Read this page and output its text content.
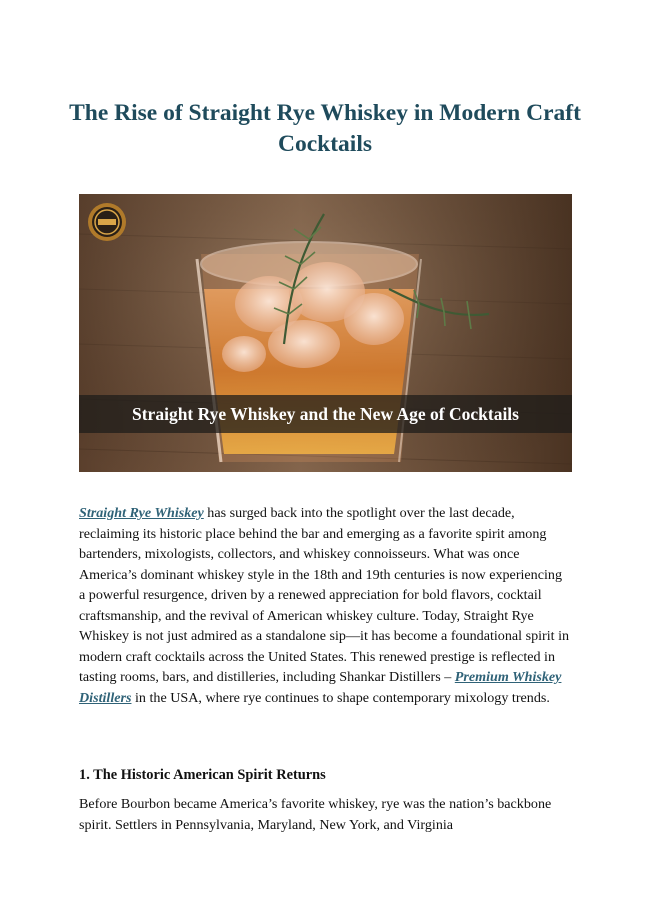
The Rise of Straight Rye Whiskey in Modern Craft Cocktails
Straight Rye Whiskey and the New Age of Cocktails

Straight Rye Whiskey has surged back into the spotlight over the last decade, reclaiming its historic place behind the bar and emerging as a favorite spirit among bartenders, mixologists, collectors, and whiskey connoisseurs. What was once America’s dominant whiskey style in the 18th and 19th centuries is now experiencing a powerful resurgence, driven by a renewed appreciation for bold flavors, cocktail craftsmanship, and the revival of American whiskey culture. Today, Straight Rye Whiskey is not just admired as a standalone sip—it has become a foundational spirit in modern craft cocktails across the United States. This renewed prestige is reflected in tasting rooms, bars, and distilleries, including Shankar Distillers – Premium Whiskey Distillers in the USA, where rye continues to shape contemporary mixology trends.

1. The Historic American Spirit Returns

Before Bourbon became America’s favorite whiskey, rye was the nation’s backbone spirit. Settlers in Pennsylvania, Maryland, New York, and Virginia
